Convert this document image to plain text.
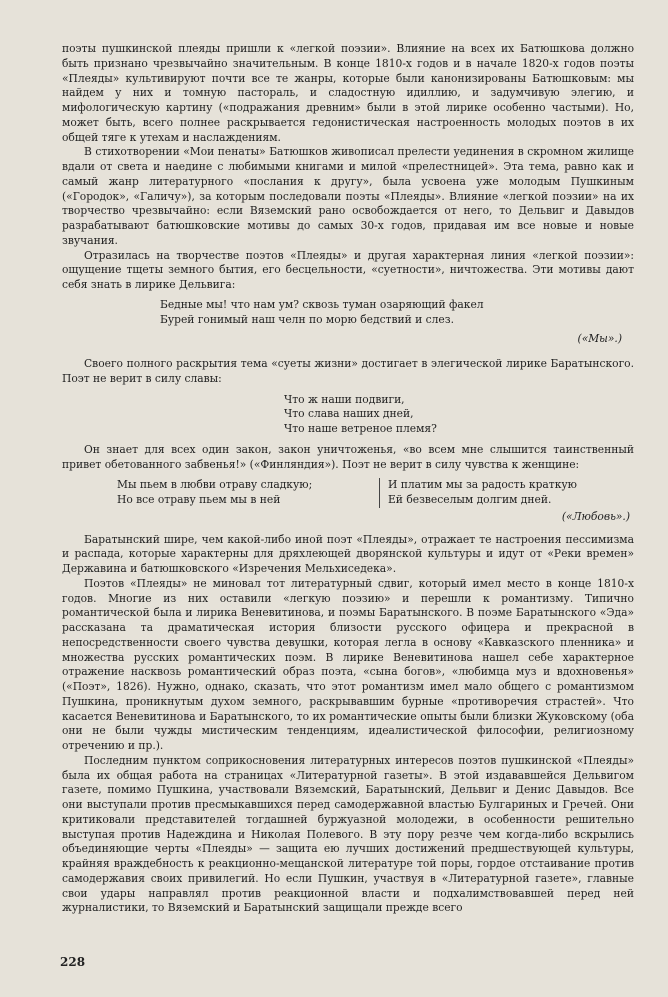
поэты пушкинской плеяды пришли к «легкой поэзии». Влияние на всех их Батюшкова должно быть признано чрезвычайно значительным. В конце 1810-х годов и в начале 1820-х годов поэты «Плеяды» культивируют почти все те жанры, которые были канонизированы Батюшковым: мы найдем у них и томную пастораль, и сладостную идиллию, и задумчивую элегию, и мифологическую картину («подражания древним» были в этой лирике особенно частыми). Но, может быть, всего полнее раскрывается гедонистическая настроенность молодых поэтов в их общей тяге к утехам и наслаждениям.

В стихотворении «Мои пенаты» Батюшков живописал прелести уединения в скромном жилище вдали от света и наедине с любимыми книгами и милой «прелестницей». Эта тема, равно как и самый жанр литературного «послания к другу», была усвоена уже молодым Пушкиным («Городок», «Галичу»), за которым последовали поэты «Плеяды». Влияние «легкой поэзии» на их творчество чрезвычайно: если Вяземский рано освобождается от него, то Дельвиг и Давыдов разрабатывают батюшковские мотивы до самых 30-х годов, придавая им все новые и новые звучания.

Отразилась на творчестве поэтов «Плеяды» и другая характерная линия «легкой поэзии»: ощущение тщеты земного бытия, его бесцельности, «суетности», ничтожества. Эти мотивы дают себя знать в лирике Дельвига:

Бедные мы! что нам ум? сквозь туман озаряющий факел
Бурей гонимый наш челн по морю бедствий и слез.
(«Мы».)

Своего полного раскрытия тема «суеты жизни» достигает в элегической лирике Баратынского. Поэт не верит в силу славы:

Что ж наши подвиги,
Что слава наших дней,
Что наше ветреное племя?

Он знает для всех один закон, закон уничтоженья, «во всем мне слышится таинственный привет обетованного забвенья!» («Финляндия»). Поэт не верит в силу чувства к женщине:

Мы пьем в любви отраву сладкую;
Но все отраву пьем мы в ней
И платим мы за радость краткую
Ей безвеселым долгим дней.
(«Любовь».)

Баратынский шире, чем какой-либо иной поэт «Плеяды», отражает те настроения пессимизма и распада, которые характерны для дряхлеющей дворянской культуры и идут от «Реки времен» Державина и батюшковского «Изречения Мельхиседека».

Поэтов «Плеяды» не миновал тот литературный сдвиг, который имел место в конце 1810-х годов. Многие из них оставили «легкую поэзию» и перешли к романтизму. Типично романтической была и лирика Веневитинова, и поэмы Баратынского. В поэме Баратынского «Эда» рассказана та драматическая история близости русского офицера и прекрасной в непосредственности своего чувства девушки, которая легла в основу «Кавказского пленника» и множества русских романтических поэм. В лирике Веневитинова нашел себе характерное отражение насквозь романтический образ поэта, «сына богов», «любимца муз и вдохновенья» («Поэт», 1826). Нужно, однако, сказать, что этот романтизм имел мало общего с романтизмом Пушкина, проникнутым духом земного, раскрывавшим бурные «противоречия страстей». Что касается Веневитинова и Баратынского, то их романтические опыты были близки Жуковскому (оба они не были чужды мистическим тенденциям, идеалистической философии, религиозному отречению и пр.).

Последним пунктом соприкосновения литературных интересов поэтов пушкинской «Плеяды» была их общая работа на страницах «Литературной газеты». В этой издававшейся Дельвигом газете, помимо Пушкина, участвовали Вяземский, Баратынский, Дельвиг и Денис Давыдов. Все они выступали против пресмыкавшихся перед самодержавной властью Булгариных и Гречей. Они критиковали представителей тогдашней буржуазной молодежи, в особенности решительно выступая против Надеждина и Николая Полевого. В эту пору резче чем когда-либо вскрылись объединяющие черты «Плеяды» — защита ею лучших достижений предшествующей культуры, крайняя враждебность к реакционно-мещанской литературе той поры, гордое отстаивание против самодержавия своих привилегий. Но если Пушкин, участвуя в «Литературной газете», главные свои удары направлял против реакционной власти и подхалимствовавшей перед ней журналистики, то Вяземский и Баратынский защищали прежде всего

228
